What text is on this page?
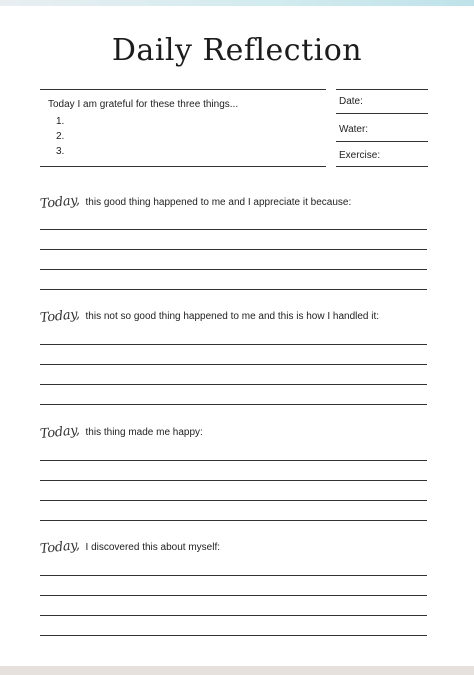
Daily Reflection
Today I am grateful for these three things...
1.
2.
3.
Date:
Water:
Exercise:
Today, this good thing happened to me and I appreciate it because:
Today, this not so good thing happened to me and this is how I handled it:
Today, this thing made me happy:
Today, I discovered this about myself:
